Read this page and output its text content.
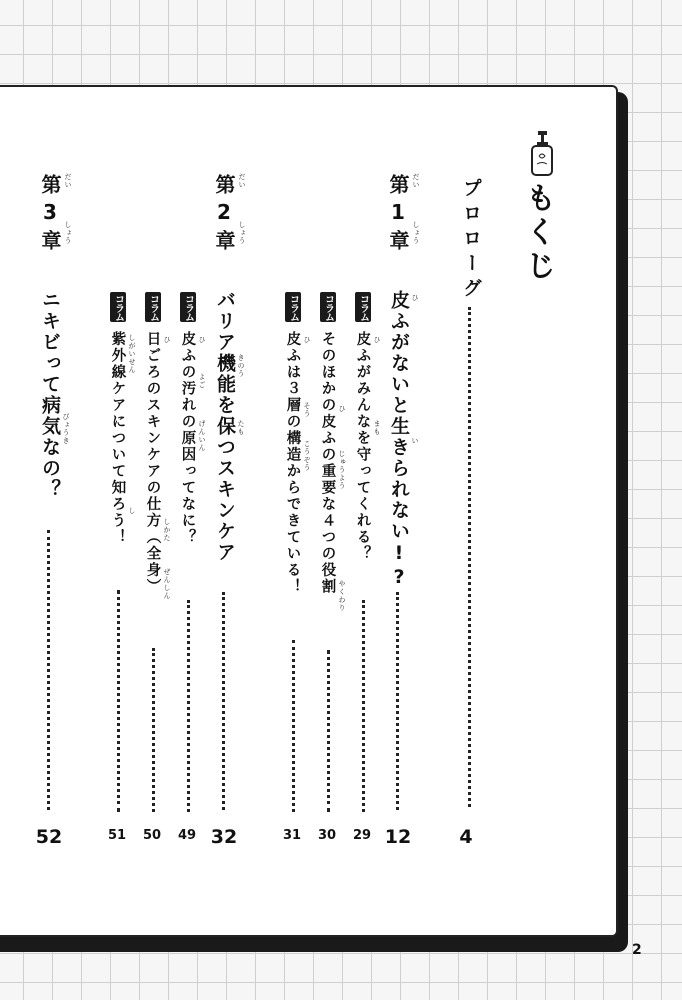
もくじ
プロローグ
4
第1章 だい
しょう
皮ふがないと生きられない!? ひ
い
12
コラム
皮ふがみんなを守ってくれる？ ひ
まも
29
コラム
そのほかの皮ふの重要な４つの役割 ひ
じゅうよう
やくわり
30
コラム
皮ふは３層の構造からできている！ ひ
そう
こうぞう
31
第2章 だい
しょう
バリア機能を保つスキンケア きのう
たも
32
コラム
皮ふの汚れの原因ってなに？ ひ
よご
げんいん
49
コラム
日ごろのスキンケアの仕方（全身） ひ
しかた
ぜんしん
50
コラム
紫外線ケアについて知ろう！ しがいせん
し
51
第3章 だい
しょう
ニキビって病気なの？ びょうき
52
2
